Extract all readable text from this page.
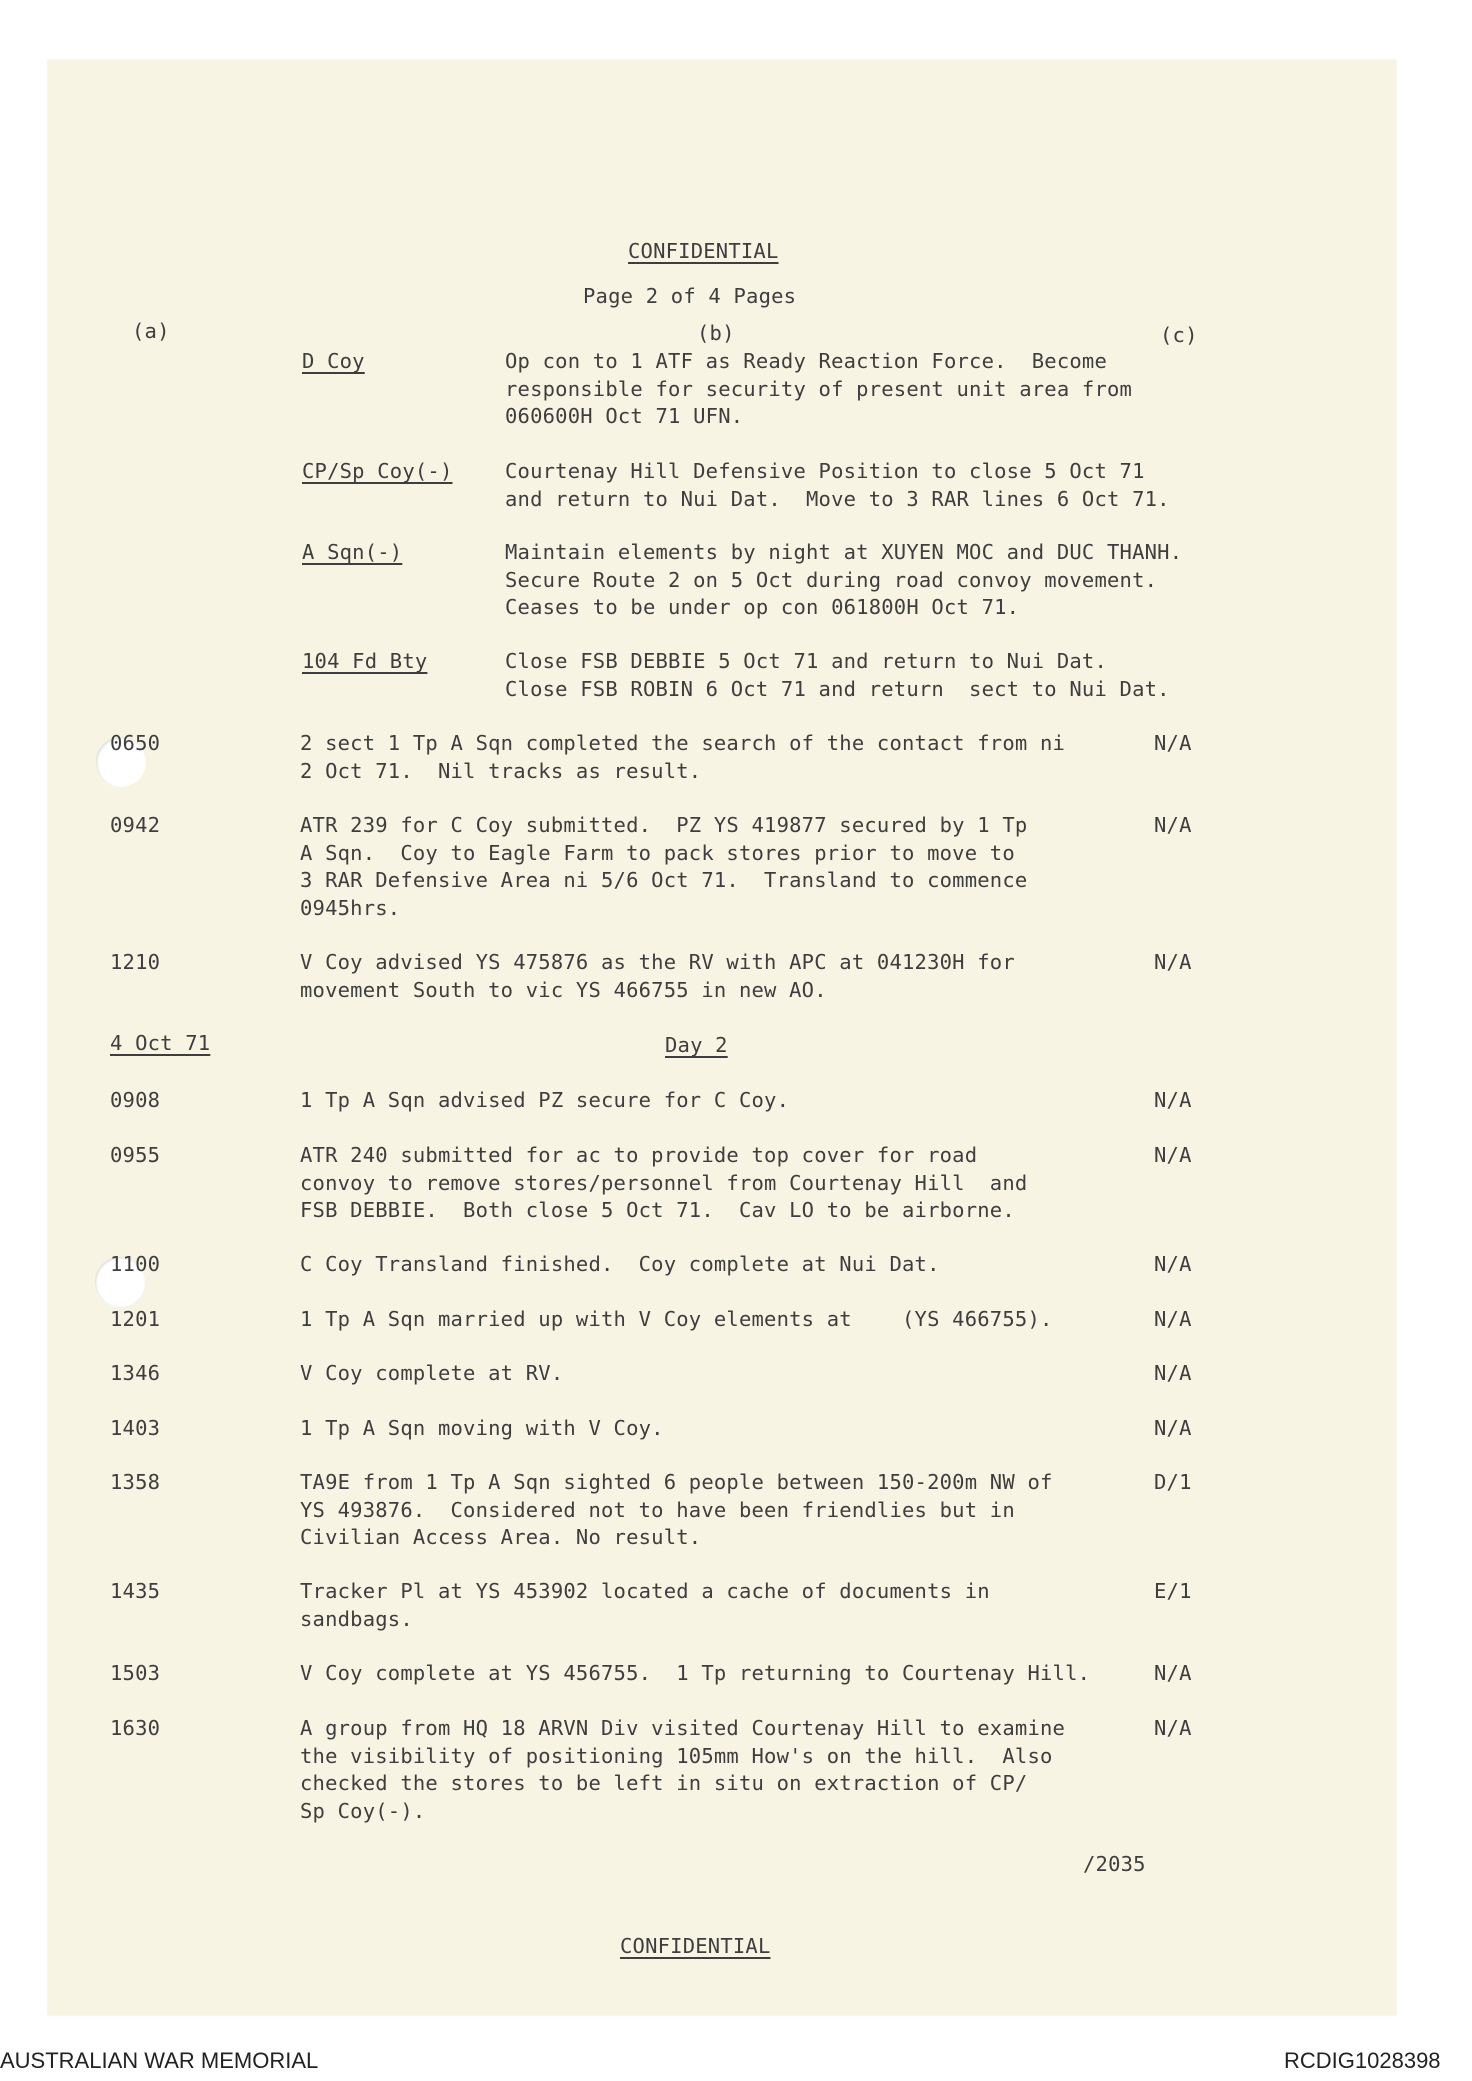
CONFIDENTIAL
Page 2 of 4 Pages
(a)	(b)	(c)
D Coy	Op con to 1 ATF as Ready Reaction Force.  Become
responsible for security of present unit area from
060600H Oct 71 UFN.
CP/Sp Coy(-)	Courtenay Hill Defensive Position to close 5 Oct 71
and return to Nui Dat.  Move to 3 RAR lines 6 Oct 71.
A Sqn(-)	Maintain elements by night at XUYEN MOC and DUC THANH.
Secure Route 2 on 5 Oct during road convoy movement.
Ceases to be under op con 061800H Oct 71.
104 Fd Bty	Close FSB DEBBIE 5 Oct 71 and return to Nui Dat.
Close FSB ROBIN 6 Oct 71 and return  sect to Nui Dat.
0650	2 sect 1 Tp A Sqn completed the search of the contact from ni
2 Oct 71.  Nil tracks as result.
N/A
0942	ATR 239 for C Coy submitted.  PZ YS 419877 secured by 1 Tp
A Sqn.  Coy to Eagle Farm to pack stores prior to move to
3 RAR Defensive Area ni 5/6 Oct 71.  Transland to commence
0945hrs.
N/A
1210	V Coy advised YS 475876 as the RV with APC at 041230H for
movement South to vic YS 466755 in new AO.
N/A
4 Oct 71	Day 2
0908	1 Tp A Sqn advised PZ secure for C Coy.	N/A
0955	ATR 240 submitted for ac to provide top cover for road
convoy to remove stores/personnel from Courtenay Hill  and
FSB DEBBIE.  Both close 5 Oct 71.  Cav LO to be airborne.
N/A
1100	C Coy Transland finished.  Coy complete at Nui Dat.	N/A
1201	1 Tp A Sqn married up with V Coy elements at    (YS 466755).	N/A
1346	V Coy complete at RV.	N/A
1403	1 Tp A Sqn moving with V Coy.	N/A
1358	TA9E from 1 Tp A Sqn sighted 6 people between 150-200m NW of
YS 493876.  Considered not to have been friendlies but in
Civilian Access Area. No result.
D/1
1435	Tracker Pl at YS 453902 located a cache of documents in
sandbags.
E/1
1503	V Coy complete at YS 456755.  1 Tp returning to Courtenay Hill.	N/A
1630	A group from HQ 18 ARVN Div visited Courtenay Hill to examine
the visibility of positioning 105mm How's on the hill.  Also
checked the stores to be left in situ on extraction of CP/
Sp Coy(-).
N/A
/2035
CONFIDENTIAL
AUSTRALIAN WAR MEMORIAL	RCDIG1028398
